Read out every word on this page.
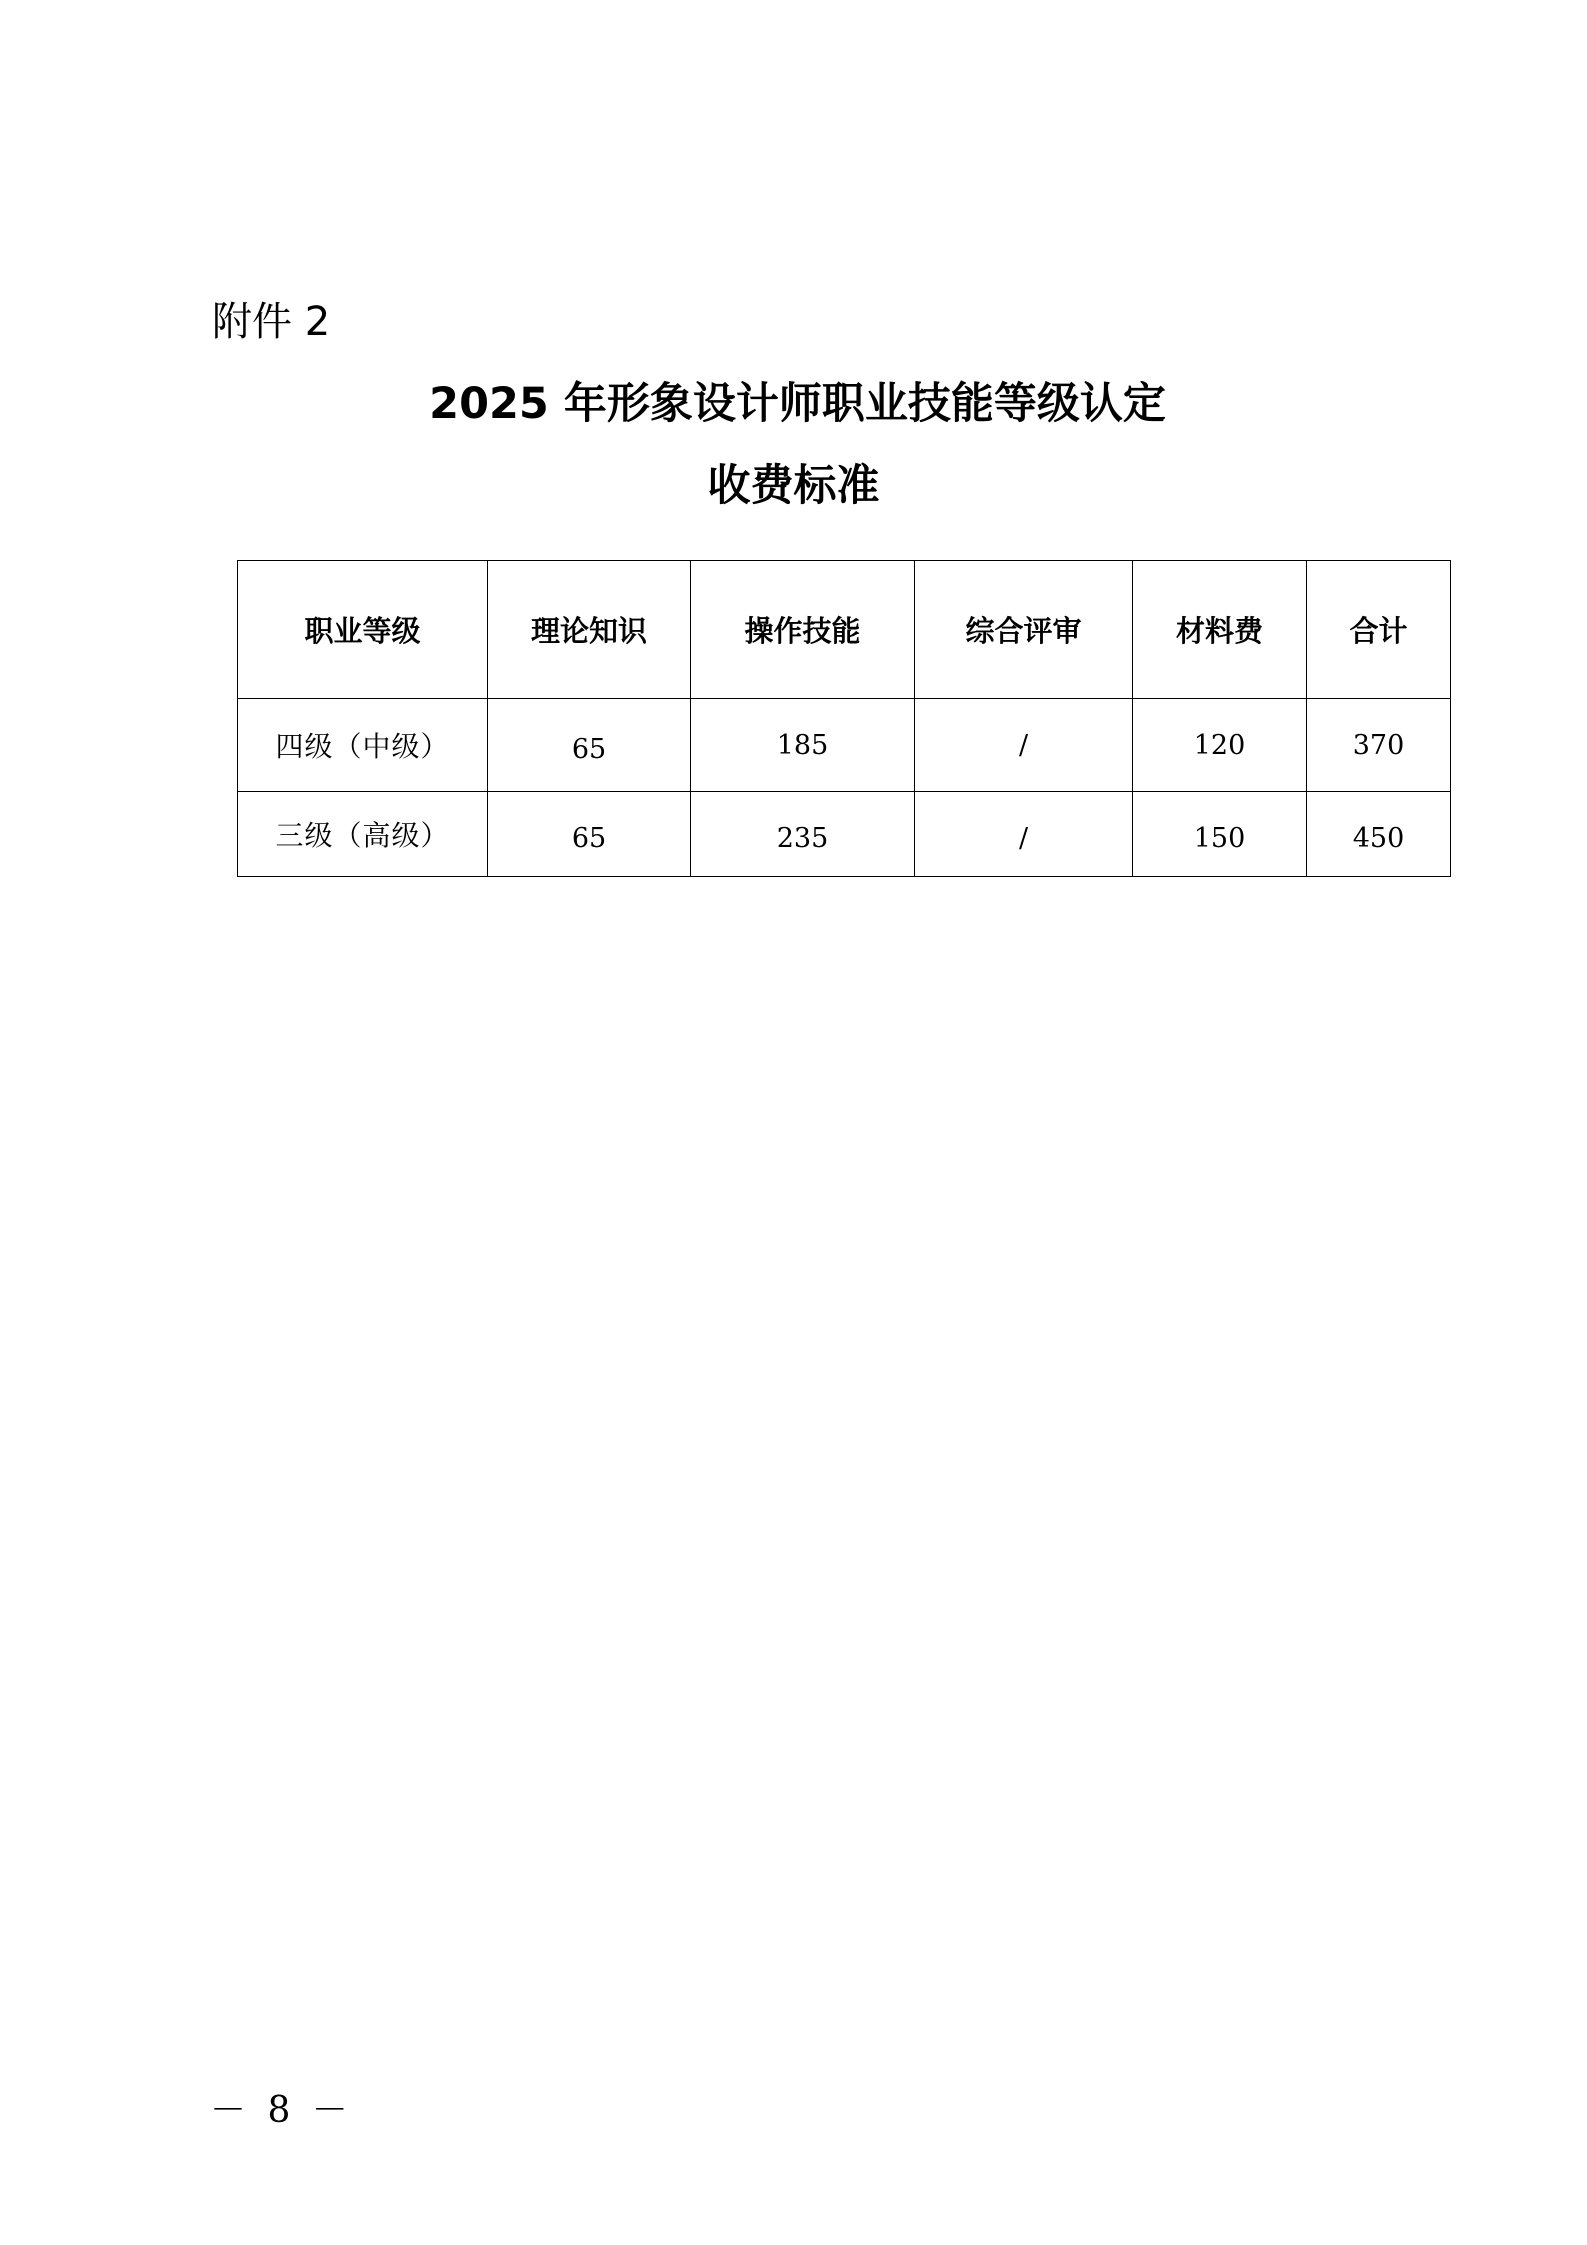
附件 2
2025 年形象设计师职业技能等级认定
收费标准
职业等级	理论知识	操作技能	综合评审	材料费	合计
四级（中级）	65	185	/	120	370
三级（高级）	65	235	/	150	450
－ 8 －
